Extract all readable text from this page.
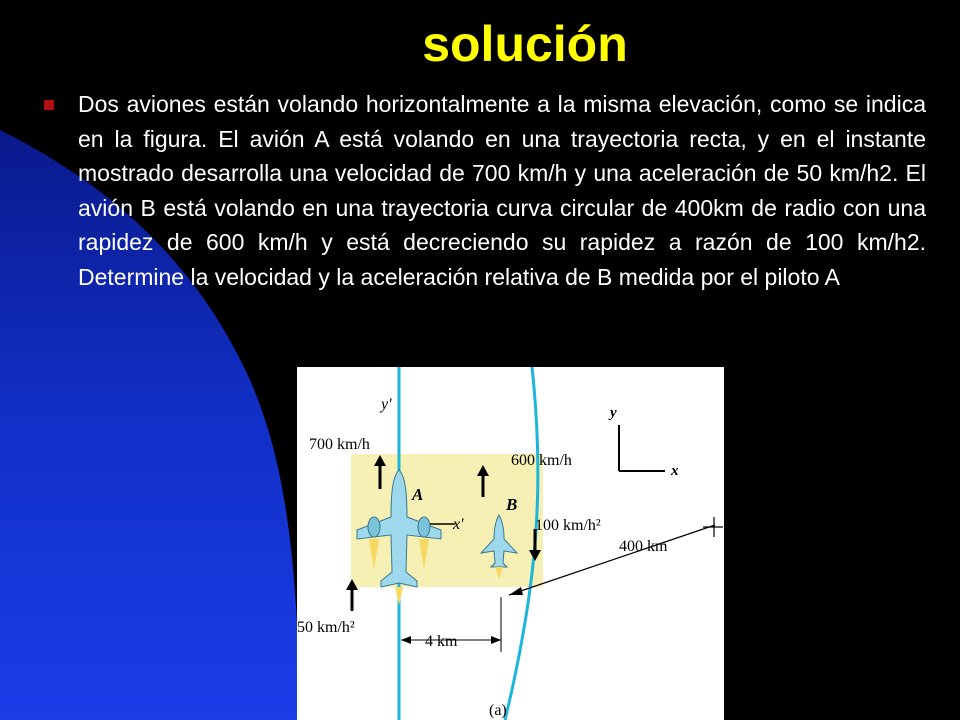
solución

Dos aviones están volando horizontalmente a la misma elevación, como se indica en la figura. El avión A está volando en una trayectoria recta, y en el instante mostrado desarrolla una velocidad de 700 km/h y una aceleración de 50 km/h2. El avión B está volando en una trayectoria curva circular de 400km de radio con una rapidez de 600 km/h y está decreciendo su rapidez a razón de 100 km/h2. Determine la velocidad y la aceleración relativa de B medida por el piloto A

y′
700 km/h
600 km/h
y
x
A
B
x′	100 km/h²
400 km
50 km/h²
4 km
(a)
